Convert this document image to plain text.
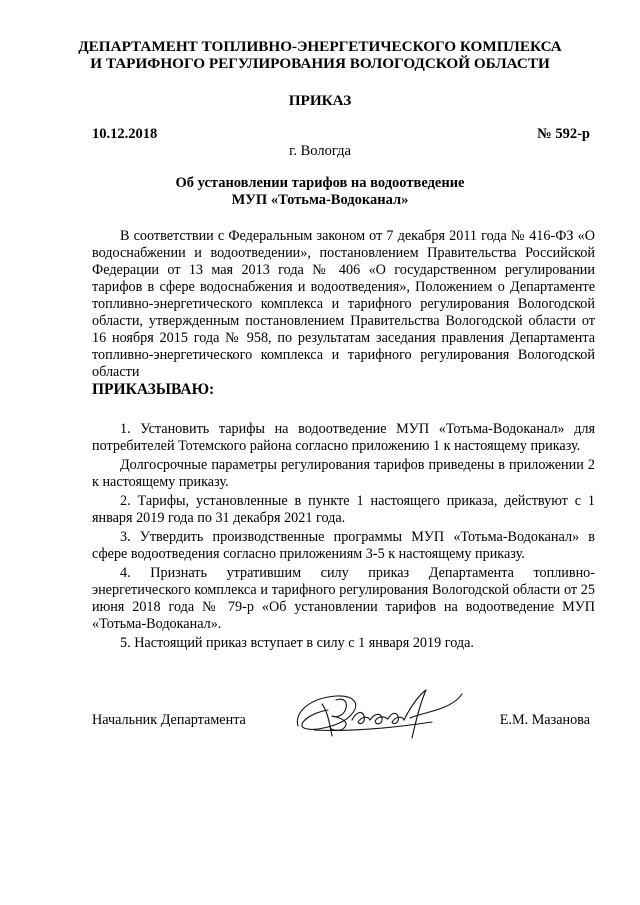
ДЕПАРТАМЕНТ ТОПЛИВНО-ЭНЕРГЕТИЧЕСКОГО КОМПЛЕКСА
И ТАРИФНОГО РЕГУЛИРОВАНИЯ ВОЛОГОДСКОЙ ОБЛАСТИ
ПРИКАЗ
10.12.2018	№ 592-р
г. Вологда
Об установлении тарифов на водоотведение
МУП «Тотьма-Водоканал»
В соответствии с Федеральным законом от 7 декабря 2011 года № 416-ФЗ «О водоснабжении и водоотведении», постановлением Правительства Российской Федерации от 13 мая 2013 года № 406 «О государственном регулировании тарифов в сфере водоснабжения и водоотведения», Положением о Департаменте топливно-энергетического комплекса и тарифного регулирования Вологодской области, утвержденным постановлением Правительства Вологодской области от 16 ноября 2015 года № 958, по результатам заседания правления Департамента топливно-энергетического комплекса и тарифного регулирования Вологодской области
ПРИКАЗЫВАЮ:

1. Установить тарифы на водоотведение МУП «Тотьма-Водоканал» для потребителей Тотемского района согласно приложению 1 к настоящему приказу.

Долгосрочные параметры регулирования тарифов приведены в приложении 2 к настоящему приказу.

2. Тарифы, установленные в пункте 1 настоящего приказа, действуют с 1 января 2019 года по 31 декабря 2021 года.

3. Утвердить производственные программы МУП «Тотьма-Водоканал» в сфере водоотведения согласно приложениям 3-5 к настоящему приказу.

4. Признать утратившим силу приказ Департамента топливно-энергетического комплекса и тарифного регулирования Вологодской области от 25 июня 2018 года № 79-р «Об установлении тарифов на водоотведение МУП «Тотьма-Водоканал».

5. Настоящий приказ вступает в силу с 1 января 2019 года.

Начальник Департамента	Е.М. Мазанова
